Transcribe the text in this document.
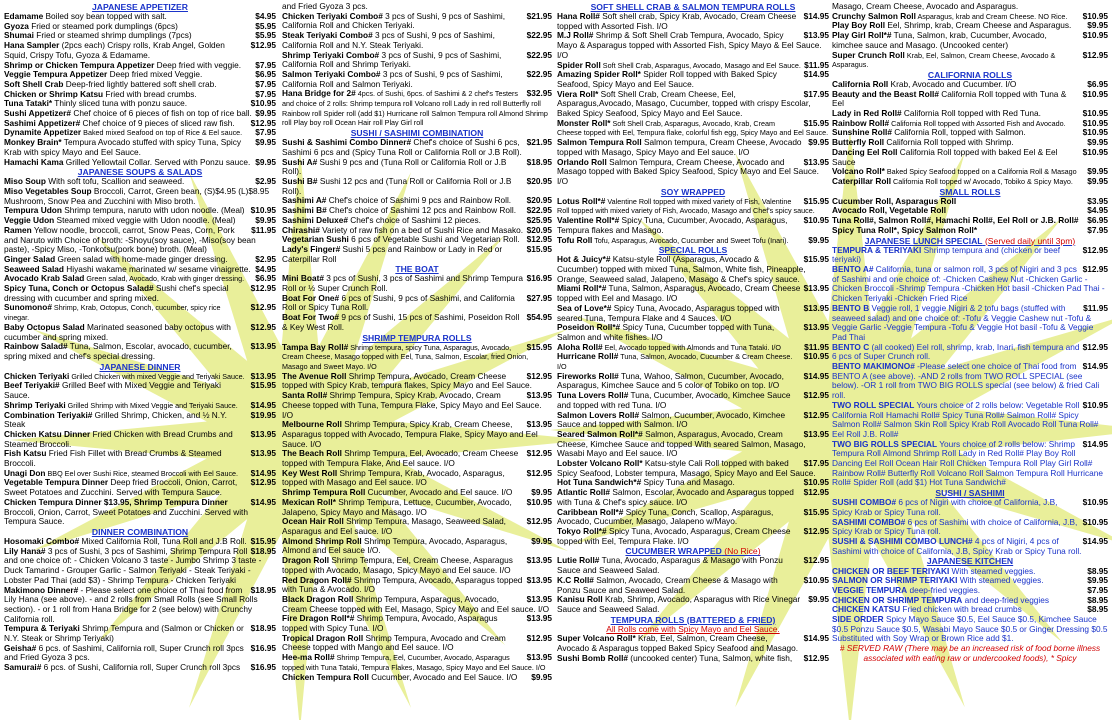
JAPANESE APPETIZER
$4.95
Edamame Boiled soy bean topped with salt.
$5.95
Gyoza Fried or steamed pork dumplings (6pcs)
$5.95
Shumai Fried or steamed shrimp dumplings (7pcs)
$12.95
Hana Sampler (2pcs each) Crispy rolls, Krab Angel, Golden Squid, Crispy Tofu, Gyoza & Edamame.
$7.95
Shrimp or Chicken Tempura Appetizer Deep fried with veggie.
$6.95
Veggie Tempura Appetizer Deep fried mixed Veggie.
$7.95
Soft Shell Crab Deep-fried lightly battered soft shell crab.
$7.95
Chicken or Shrimp Katsu Fried with bread crumbs.
$10.95
Tuna Tataki* Thinly sliced tuna with ponzu sauce.
$9.95
Sushi Appetizer# Chef choice of 6 pieces of fish on top of rice ball.
$12.95
Sashimi Appetizer# Chef choice of 9 pieces of sliced raw fish.
$7.95
Dynamite Appetizer Baked mixed Seafood on top of Rice & Eel sauce.
$9.95
Monkey Brain* Tempura Avocado stuffed with spicy Tuna, Spicy Krab with spicy Mayo and Eel Sauce.
$9.95
Hamachi Kama Grilled Yellowtail Collar. Served with Ponzu sauce.
JAPANESE SOUPS & SALADS
$2.95
Miso Soup With soft tofu, Scallion and seaweed.
Miso Vegetables Soup Broccoli, Carrot, Green bean, (S)$4.95 (L)$8.95 Mushroom, Snow Pea and Zucchini with Miso broth.
$10.95
Tempura Udon Shrimp tempura, naruto with udon noodle. (Meal)
$9.95
Veggie Udon Steamed mixed veggie with Udon noodle. (Meal)
$11.95
Ramen Yellow noodle, broccoli, carrot, Snow Peas, Corn, Pork and Naruto with Choice of broth: -Shoyu(soy sauce), -Miso(soy bean paste), -Spicy Miso, -Tonkotsu(pork bone) broth. (Meal)
$2.95
Ginger Salad Green salad with home-made ginger dressing.
$4.95
Seaweed Salad Hiyashi wakame marinated w/ sesame vinaigrette.
$6.95
Avocado Krab Salad Green salad, Avocado, Krab with ginger dressing.
$12.95
Spicy Tuna, Conch or Octopus Salad# Sushi chef's special dressing with cucumber and spring mixed.
$12.95
Sunomono# Shrimp, Krab, Octopus, Conch, cucumber, spicy rice vinegar.
$12.95
Baby Octopus Salad Marinated seasoned baby octopus with cucumber and spring mixed.
$13.95
Rainbow Salad# Tuna, Salmon, Escolar, avocado, cucumber, spring mixed and chef's special dressing.
JAPANESE DINNER
$13.95
Chicken Teriyaki Grilled Chicken with mixed Veggie and Teriyaki Sauce.
$15.95
Beef Teriyaki# Grilled Beef with Mixed Veggie and Teriyaki Sauce.
$14.95
Shrimp Teriyaki Grilled Shrimp with Mixed Veggie and Teriyaki Sauce.
$19.95
Combination Teriyaki# Grilled Shrimp, Chicken, and ½ N.Y. Steak
$13.95
Chicken Katsu Dinner Fried Chicken with Bread Crumbs and Steamed Broccoli.
$13.95
Fish Katsu Fried Fish Fillet with Bread Crumbs & Steamed Broccoli.
$14.95
Unagi Don BBQ Eel over Sushi Rice, steamed Broccoli with Eel Sauce.
$12.95
Vegetable Tempura Dinner Deep fried Broccoli, Onion, Carrot, Sweet Potatoes and Zucchini. Served with Tempura Sauce.
$14.95
Chicken Tempura Dinner $13.95, Shrimp Tempura Dinner Broccoli, Onion, Carrot, Sweet Potatoes and Zucchini. Served with Tempura Sauce.
DINNER COMBINATION
$15.95
Hosomaki Combo# Mixed California Roll, Tuna Roll and J.B Roll.
$18.95
Lily Hana# 3 pcs of Sushi, 3 pcs of Sashimi, Shrimp Tempura Roll and one choice of: - Chicken Volcano 3 taste - Jumbo Shrimp 3 taste - Duck Tamarind - Grouper Garlic - Salmon Teriyaki - Steak Teriyaki - Lobster Pad Thai (add $3) - Shrimp Tempura - Chicken Teriyaki
$18.95
Makimono Dinner# - Please select one choice of Thai food from Lily Hana (see above). - and 2 rolls from Small Rolls (see Small Rolls section). - or 1 roll from Hana Bridge for 2 (see below) with Crunchy California roll.
$18.95
Tempura & Teriyaki Shrimp Tempura and (Salmon or Chicken or N.Y. Steak or Shrimp Teriyaki)
$16.95
Geisha# 6 pcs. of Sashimi, California roll, Super Crunch roll 3pcs and Fried Gyoza 3 pcs.
$16.95
Samurai# 6 pcs. of Sushi, California roll, Super Crunch roll 3pcs
and Fried Gyoza 3 pcs.
$21.95
Chicken Teriyaki Combo# 3 pcs of Sushi, 9 pcs of Sashimi, California Roll and Chicken Teriyaki.
$22.95
Steak Teriyaki Combo# 3 pcs of Sushi, 9 pcs of Sashimi, California Roll and N.Y. Steak Teriyaki.
$22.95
Shrimp Teriyaki Combo# 3 pcs of Sushi, 9 pcs of Sashimi, California Roll and Shrimp Teriyaki.
$22.95
Salmon Teriyaki Combo# 3 pcs of Sushi, 9 pcs of Sashimi, California Roll and Salmon Teriyaki.
$32.95
Hana Bridge for 2# 4pcs. of Sushi, 6pcs. of Sashimi & 2 chef's Testers and choice of 2 rolls: Shrimp tempura roll Volcano roll Lady in red roll Butterfly roll Rainbow roll Spider roll (add $1) Hurricane roll Salmon Tempura roll Almond Shrimp roll Play boy roll Ocean Hair roll Play Girl roll
SUSHI / SASHIMI COMBINATION
$21.95
Sushi & Sashimi Combo Dinner# Chef's choice of Sushi 6 pcs, Sashimi 6 pcs and (Spicy Tuna Roll or California Roll or J.B Roll).
$18.95
Sushi A# Sushi 9 pcs and (Tuna Roll or California Roll or J.B Roll).
$20.95
Sushi B# Sushi 12 pcs and (Tuna Roll or California Roll or J.B Roll).
$20.95
Sashimi A# Chef's choice of Sashimi 9 pcs and Rainbow Roll.
$22.95
Sashimi B# Chef's choice of Sashimi 12 pcs and Rainbow Roll.
$25.95
Sashimi Deluxe# Chef's choice of Sashimi 12 pieces.
$20.95
Chirashi# Variety of raw fish on a bed of Sushi Rice and Masako.
$12.95
Vegetarian Sushi 6 pcs of Vegetable Sushi and Vegetarian Roll.
$15.95
Lady's Finger# Sushi 5 pcs and Rainbow or Lady in Red or Caterpillar Roll
THE BOAT
$16.95
Mini Boat# 3 pcs of Sushi, 3 pcs of Sashimi and Shrimp Tempura Roll or ½ Super Crunch Roll.
$27.95
Boat For One# 6 pcs of Sushi, 9 pcs of Sashimi, and California Roll or Spicy Tuna Roll.
$54.95
Boat For Two# 9 pcs of Sushi, 15 pcs of Sashimi, Poseidon Roll & Key West Roll.
SHRIMP TEMPURA ROLLS
$15.95
Tampa Bay Roll# Shrimp tempura, spicy Tuna, Asparagus, Avocado, Cream Cheese, Masago topped with Eel, Tuna, Salmon, Escolar, fried Onion, Masago and Sweet Mayo. I/O
$12.95
The Avenue Roll Shrimp Tempura, Avocado, Cream Cheese topped with Spicy Krab, tempura flakes, Spicy Mayo and Eel Sauce.
$13.95
Santa Roll# Shrimp Tempura, Spicy Krab, Avocado, Cream Cheese topped with Tuna, Tempura Flake, Spicy Mayo and Eel Sauce. I/O
$13.95
Melbourne Roll Shrimp Tempura, Spicy Krab, Cream Cheese, Asparagus topped with Avocado, Tempura Flake, Spicy Mayo and Eel Sauce. I/O
$12.95
The Beach Roll Shrimp Tempura, Eel, Avocado, Cream Cheese topped with Tempura Flake, And Eel sauce. I/O
$12.95
Key West Roll Shrimp Tempura, Krab, Avocado, Asparagus, topped with Masago and Eel sauce. I/O
$9.95
Shrimp Tempura Roll Cucumber, Avocado and Eel sauce. I/O
$10.95
Mexican Roll* Shrimp Tempura, Lettuce, Cucumber, Avocado, Jalapeno, Spicy Mayo and Masago. I/O
$12.95
Ocean Hair Roll Shrimp Tempura, Masago, Seaweed Salad, Asparagus and Eel sauce. I/O
$9.95
Almond Shrimp Roll Shrimp Tempura, Avocado, Asparagus, Almond and Eel sauce I/O.
$13.95
Dragon Roll Shrimp Tempura, Eel, Cream Cheese, Asparagus topped with Avocado, Masago, Spicy Mayo and Eel sauce. I/O
$13.95
Red Dragon Roll# Shrimp Tempura, Avocado, Asparagus topped with Tuna & Avocado. I/O
$13.95
Black Dragon Roll Shrimp Tempura, Asparagus, Avocado, Cream Cheese topped with Eel, Masago, Spicy Mayo and Eel sauce. I/O
$13.95
Fire Dragon Roll*# Shrimp Tempura, Avocado, Asparagus topped with Spicy Tuna. I/O
$12.95
Tropical Dragon Roll Shrimp Tempura, Avocado and Cream Cheese topped with Mango and Eel sauce. I/O
$13.95
Hee-ma Roll# Shrimp Tempura, Eel, Cucumber, Avocado, Asparagus topped with Tuna Tataki, Tempura Flakes, Masago, Spicy Mayo and Eel Sauce. I/O
$9.95
Chicken Tempura Roll Cucumber, Avocado and Eel Sauce. I/O
SOFT SHELL CRAB & SALMON TEMPURA ROLLS
$14.95
Hana Roll# Soft shell crab, Spicy Krab, Avocado, Cream Cheese topped with Assorted Fish. I/O
$13.95
M.J Roll# Shrimp & Soft Shell Crab Tempura, Avocado, Spicy Mayo & Asparagus topped with Assorted Fish, Spicy Mayo & Eel Sauce. I/O
$11.95
Spider Roll Soft Shell Crab, Asparagus, Avocado, Masago and Eel Sauce.
$14.95
Amazing Spider Roll* Spider Roll topped with Baked Spicy Seafood, Spicy Mayo and Eel Sauce.
$17.95
Viera Roll* Soft Shell Crab, Cream Cheese, Eel, Asparagus,Avocado, Masago, Cucumber, topped with crispy Escolar, Baked Spicy Seafood, Spicy Mayo and Eel Sauce.
$15.95
Monster Roll* Soft Shell Crab, Asparagus, Avocado, Krab, Cream Cheese topped with Eel, Tempura flake, colorful fish egg, Spicy Mayo and Eel Sauce.
$9.95
Salmon Tempura Roll Salmon tempura, Cream Cheese, Avocado topped with Masago, Spicy Mayo and Eel sauce. I/O
$13.95
Orlando Roll Salmon Tempura, Cream Cheese, Avocado and Masago topped with Baked Spicy Seafood, Spicy Mayo and Eel Sauce. I/O
SOY WRAPPED
$15.95
Lotus Roll*# Valentine Roll topped with mixed variety of Fish, Valentine Roll topped with mixed variety of Fish, Avocado, Masago and Chef's spicy sauce.
$10.95
Valentine Roll*# Spicy Tuna, Cucumber, Avocado, Asparagus, Tempura flakes and Masago.
$9.95
Tofu Roll Tofu, Asparagus, Avocado, Cucumber and Sweet Tofu (Inari).
SPECIAL ROLLS
$15.95
Hot & Juicy*# Katsu-style Roll (Asparagus, Avocado & Cucumber) topped with mixed Tuna, Salmon, White fish, Pineapple, Orange, Seaweed salad, Jalapeno, Masago & Chef's spicy sauce.
$13.95
Miami Roll*# Tuna, Salmon, Asparagus, Avocado, Cream Cheese topped with Eel and Masago. I/O
$13.95
Sea of Love*# Spicy Tuna, Avocado, Asparagus topped with seared Tuna, Tempura Flake and 4 Sauces. I/O
$13.95
Poseidon Roll*# Spicy Tuna, Cucumber topped with Tuna, Salmon and white fishes. I/O
$11.95
Aloha Roll# Eel, Avocado topped with Almonds and Tuna Tataki. I/O
$10.95
Hurricane Roll# Tuna, Salmon, Avocado, Cucumber & Cream Cheese. I/O
$14.95
Fireworks Roll# Tuna, Wahoo, Salmon, Cucumber, Avocado, Asparagus, Kimchee Sauce and 5 color of Tobiko on top. I/O
$12.95
Tuna Lovers Roll# Tuna, Cucumber, Avocado, Kimchee Sauce and topped with red Tuna. I/O
$12.95
Salmon Lovers Roll# Salmon, Cucumber, Avocado, Kimchee Sauce and topped with Salmon. I/O
$13.95
Seared Salmon Roll*# Salmon, Asparagus, Avocado, Cream Cheese, Kimchee Sauce and topped With seared Salmon, Masago, Wasabi Mayo and Eel sauce. I/O
$17.95
Lobster Volcano Roll* Katsu-style Cali Roll topped with baked Spicy Seafood, Lobster tempura, Masago, Spicy Mayo and Eel Sauce.
$10.95
Hot Tuna Sandwich*# Spicy Tuna and Masago.
$12.95
Atlantic Roll# Salmon, Escolar, Avocado and Asparagus topped with Tuna & Chef's spicy sauce. I/O
$15.95
Caribbean Roll*# Spicy Tuna, Conch, Scallop, Asparagus, Avocado, Cucumber, Masago, Jalapeno w/Mayo.
$12.95
Tokyo Roll*# Spicy Tuna, Avocado, Asparagus, Cream Cheese topped with Eel, Tempura Flake. I/O
CUCUMBER WRAPPED (No Rice)
$12.95
Lutie Roll# Tuna, Avocado, Asparagus & Masago with Ponzu Sauce and Seaweed Salad.
$10.95
K.C Roll# Salmon, Avocado, Cream Cheese & Masago with Ponzu Sauce and Seaweed Salad.
$9.95
Kanisu Roll Krab, Shrimp, Avocado, Asparagus with Rice Vinegar Sauce and Seaweed Salad.
TEMPURA ROLLS (BATTERED & FRIED)
All Rolls come with Spicy Mayo and Eel Sauce.
$14.95
Super Volcano Roll* Krab, Eel, Salmon, Cream Cheese, Avocado & Asparagus topped Baked Spicy Seafood and Masago.
$12.95
Sushi Bomb Roll# (uncooked center) Tuna, Salmon, white fish,
Masago, Cream Cheese, Avocado and Asparagus.
$10.95
Crunchy Salmon Roll Asparagus, krab and Cream Cheese. NO Rice.
$9.95
Play Boy Roll Eel, Shrimp, krab, Cream Cheese and Asparagus.
$10.95
Play Girl Roll*# Tuna, Salmon, krab, Cucumber, Avocado, kimchee sauce and Masago. (Uncooked center)
$12.95
Super Crunch Roll Krab, Eel, Salmon, Cream Cheese, Avocado & Asparagus.
CALIFORNIA ROLLS
$6.95
California Roll Krab, Avocado and Cucumber. I/O
$10.95
Beauty and the Beast Roll# California Roll topped with Tuna & Eel
$10.95
Lady in Red Roll# California Roll topped with Red Tuna.
$10.95
Rainbow Roll# California Roll topped with Assorted Fish and Avocado.
$10.95
Sunshine Roll# California Roll, topped with Salmon.
$9.95
Butterfly Roll California Roll topped with Shrimp.
$10.95
Dancing Eel Roll California Roll topped with baked Eel & Eel Sauce
$9.95
Volcano Roll* Baked Spicy Seafood topped on a California Roll & Masago
$9.95
Caterpillar Roll California Roll topped w/ Avocado, Tobiko & Spicy Mayo.
SMALL ROLLS
$3.95
Cucumber Roll, Asparagus Roll
$4.95
Avocado Roll, Vegetable Roll
$6.95
Tuna Roll#, Salmon Roll#, Hamachi Roll#, Eel Roll or J.B. Roll#
$7.95
Spicy Tuna Roll*, Spicy Salmon Roll*
JAPANESE LUNCH SPECIAL (Served daily until 3pm)
$12.95
TEMPURA & TERIYAKI Shrimp tempura and (chicken or beef teriyaki)
$12.95
BENTO A# California, tuna or salmon roll, 3 pcs of Nigiri and 3 pcs of Sashimi and one choice of: -Chicken Cashew Nut -Chicken Garlic -Chicken Broccoli -Shrimp Tempura -Chicken Hot basil -Chicken Pad Thai -Chicken Teriyaki -Chicken Fried Rice
$11.95
BENTO B Veggie roll, 1 veggie Nigiri & 2 tofu bags (stuffed with seaweed salad) and one choice of: -Tofu & Veggie Cashew nut -Tofu & Veggie Garlic -Veggie Tempura -Tofu & Veggie Hot basil -Tofu & Veggie Pad Thai
$12.95
BENTO C (all cooked) Eel roll, shrimp, krab, Inari, fish tempura and 6 pcs of Super Crunch roll.
$14.95
BENTO MAKIMONO# -Please select one choice of Thai food from BENTO A (see above). -AND 2 rolls from TWO ROLL SPECIAL (see below). -OR 1 roll from TWO BIG ROLLS special (see below) & fried Cali roll.
$10.95
TWO ROLL SPECIAL Yours choice of 2 rolls below: Vegetable Roll California Roll Hamachi Roll# Spicy Tuna Roll# Salmon Roll# Spicy Salmon Roll# Salmon Skin Roll Spicy Krab Roll Avocado Roll Tuna Roll# Eel Roll J.B. Roll#
$14.95
TWO BIG ROLLS SPECIAL Yours choice of 2 rolls below: Shrimp Tempura Roll Almond Shrimp Roll Lady in Red Roll# Play Boy Roll Dancing Eel Roll Ocean Hair Roll Chicken Tempura Roll Play Girl Roll# Rainbow Roll# Butterfly Roll Volcano Roll Salmon Tempura Roll Hurricane Roll# Spider Roll (add $1) Hot Tuna Sandwich#
SUSHI / SASHIMI
$10.95
SUSHI COMBO# 6 pcs of Nigiri with choice of California, J.B, Spicy Krab or Spicy Tuna roll.
$10.95
SASHIMI COMBO# 6 pcs of Sashimi with choice of California, J.B, Spicy Krab or Spicy Tuna roll.
$14.95
SUSHI & SASHIMI COMBO LUNCH# 4 pcs of Nigiri, 4 pcs of Sashimi with choice of California, J.B, Spicy Krab or Spicy Tuna roll.
JAPANESE KITCHEN
$8.95
CHICKEN OR BEEF TERIYAKI With steamed veggies.
$9.95
SALMON OR SHRIMP TERIYAKI With steamed veggies.
$7.95
VEGGIE TEMPURA deep-fried veggies.
$8.95
CHICKEN OR SHRIMP TEMPURA and deep-fried veggies
$8.95
CHICKEN KATSU Fried chicken with bread crumbs
SIDE ORDER Spicy Mayo Sauce $0.5, Eel Sauce $0.5, Kimchee Sauce $0.5 Ponzu Sauce $0.5, Wasabi Mayo Sauce $0.5 or Ginger Dressing $0.5 Substituted with Soy Wrap or Brown Rice add $1.
# SERVED RAW (There may be an increased risk of food borne illness associated with eating raw or undercooked foods), * Spicy
